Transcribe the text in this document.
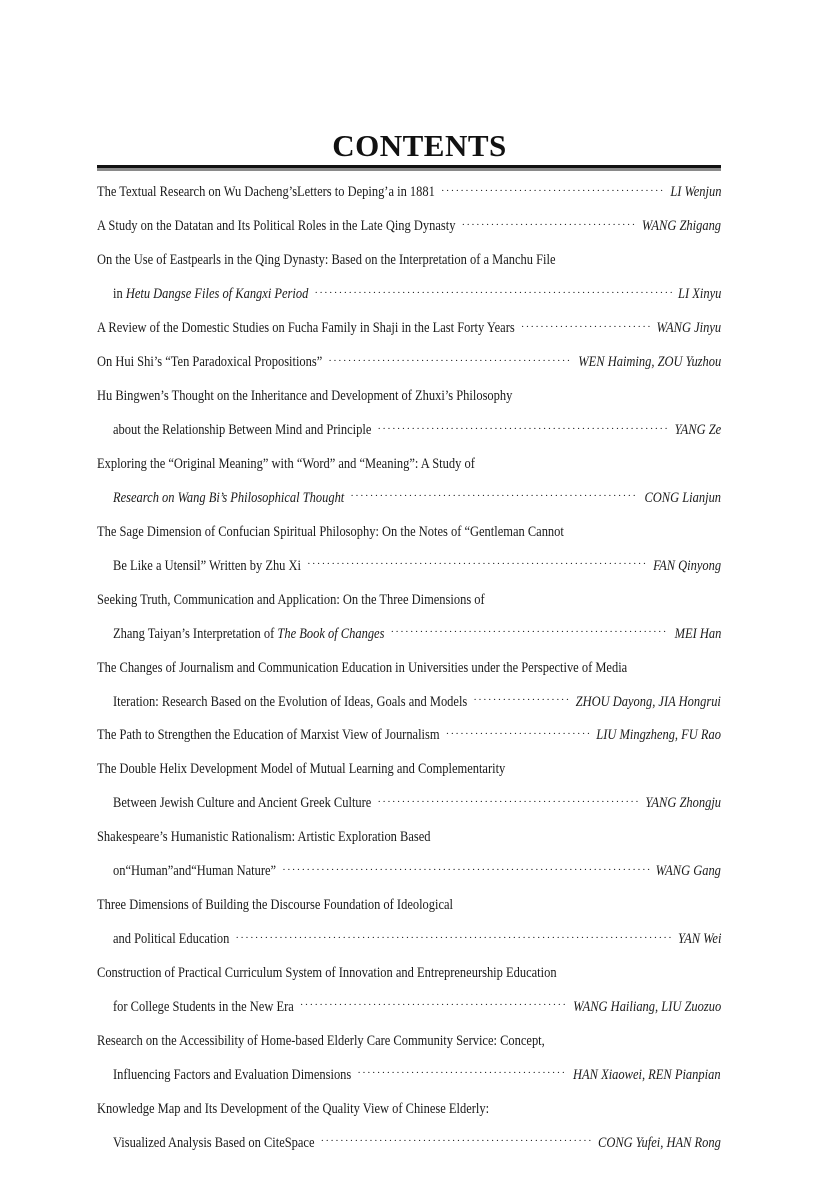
CONTENTS
The Textual Research on Wu Dacheng’sLetters to Deping’a in 1881 ·····	LI Wenjun
A Study on the Datatan and Its Political Roles in the Late Qing Dynasty ·····	WANG Zhigang
On the Use of Eastpearls in the Qing Dynasty: Based on the Interpretation of a Manchu File
in Hetu Dangse Files of Kangxi Period ·····	LI Xinyu
A Review of the Domestic Studies on Fucha Family in Shaji in the Last Forty Years ·····	WANG Jinyu
On Hui Shi’s “Ten Paradoxical Propositions” ·····	WEN Haiming, ZOU Yuzhou
Hu Bingwen’s Thought on the Inheritance and Development of Zhuxi’s Philosophy
about the Relationship Between Mind and Principle ·····	YANG Ze
Exploring the “Original Meaning” with “Word” and “Meaning”: A Study of
Research on Wang Bi’s Philosophical Thought ·····	CONG Lianjun
The Sage Dimension of Confucian Spiritual Philosophy: On the Notes of “Gentleman Cannot
Be Like a Utensil” Written by Zhu Xi ·····	FAN Qinyong
Seeking Truth, Communication and Application: On the Three Dimensions of
Zhang Taiyan’s Interpretation of The Book of Changes ·····	MEI Han
The Changes of Journalism and Communication Education in Universities under the Perspective of Media
Iteration: Research Based on the Evolution of Ideas, Goals and Models ·····	ZHOU Dayong, JIA Hongrui
The Path to Strengthen the Education of Marxist View of Journalism ·····	LIU Mingzheng, FU Rao
The Double Helix Development Model of Mutual Learning and Complementarity
Between Jewish Culture and Ancient Greek Culture ·····	YANG Zhongju
Shakespeare’s Humanistic Rationalism: Artistic Exploration Based
on“Human”and“Human Nature” ·····	WANG Gang
Three Dimensions of Building the Discourse Foundation of Ideological
and Political Education ·····	YAN Wei
Construction of Practical Curriculum System of Innovation and Entrepreneurship Education
for College Students in the New Era ·····	WANG Hailiang, LIU Zuozuo
Research on the Accessibility of Home-based Elderly Care Community Service: Concept,
Influencing Factors and Evaluation Dimensions ·····	HAN Xiaowei, REN Pianpian
Knowledge Map and Its Development of the Quality View of Chinese Elderly:
Visualized Analysis Based on CiteSpace ·····	CONG Yufei, HAN Rong
